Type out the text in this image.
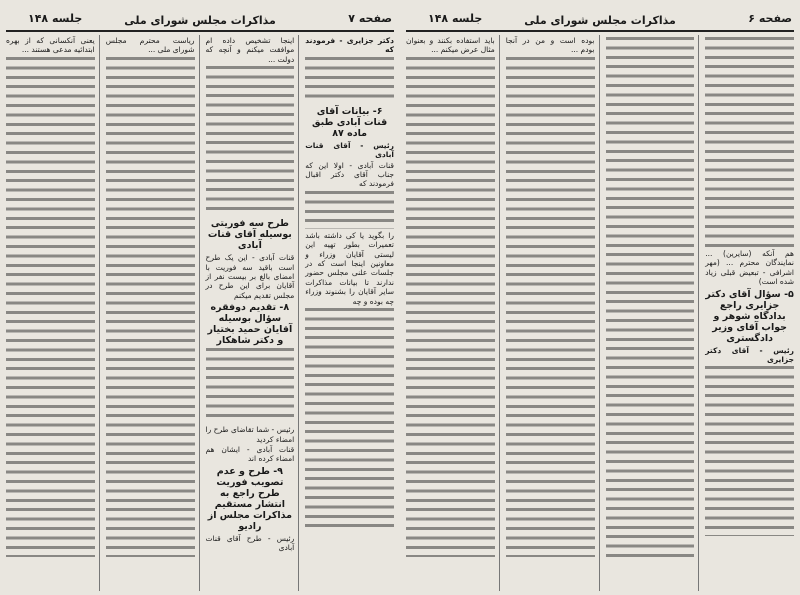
صفحه ۷
مذاکرات مجلس شورای ملی
جلسه ۱۴۸

دکتر جزایری - فرمودند که

۶- بیانات آقای قنات آبادی طبق ماده ۸۷

رئیس - آقای قنات آبادی

قنات آبادی - اولا این که جناب آقای دکتر اقبال فرمودند که

را بگوید یا کی داشته باشد تعمیرات بطور تهیه این لیستی آقایان وزراء و معاونین اینجا است که در جلسات علنی مجلس حضور ندارند تا بیانات مذاکرات سایر آقایان را بشنوند وزراء چه بوده و چه

اینجا تشخیص داده ام موافقت میکنم و آنچه که دولت ...

طرح سه فوریتی بوسیله آقای قنات آبادی

قنات آبادی - این یک طرح است باقید سه فوریت با امضای بالغ بر بیست نفر از آقایان برای این طرح در مجلس تقدیم میکنم

۸- تقدیم دوفقره سؤال بوسیله آقایان حمید بختیار و دکتر شاهکار

رئیس - شما تقاضای طرح را امضاء کردید

قنات آبادی - ایشان هم امضاء کرده اند

۹- طرح و عدم تصویب فوریت طرح راجع به انتشار مستقیم مذاکرات مجلس از رادیو

رئیس - طرح آقای قنات آبادی

ریاست محترم مجلس شورای ملی ...

یعنی آنکسانی که از بهره ابتدائیه مدعی هستند ...

صفحه ۶
مذاکرات مجلس شورای ملی
جلسه ۱۴۸

هم آنکه (سایرین) ... نمایندگان محترم ... (مهر اشرافی - تبعیض قبلی زیاد شده است)

۵- سؤال آقای دکتر جزایری راجع بدادگاه شوهر و جواب آقای وزیر دادگستری

رئیس - آقای دکتر جزایری

بوده است و من در آنجا بودم ...

باید استفاده بکنند و بعنوان مثال عرض میکنم ...
